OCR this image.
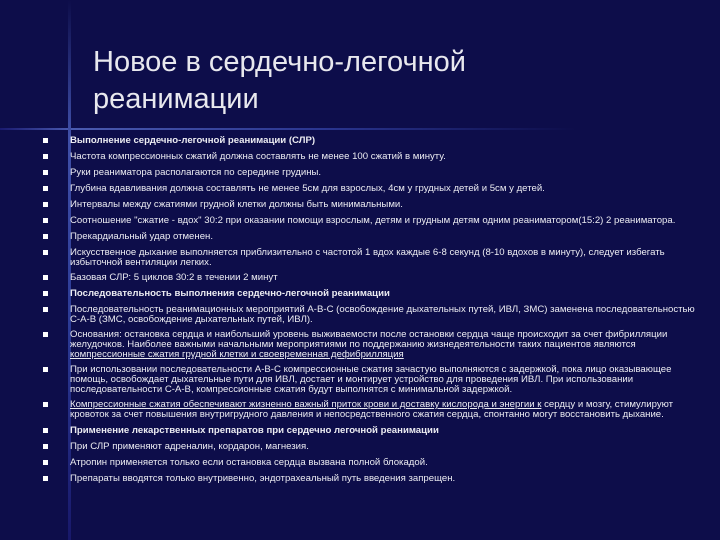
Новое в сердечно-легочной
реанимации
Выполнение сердечно-легочной реанимации (СЛР)
Частота компрессионных сжатий должна составлять не менее 100 сжатий в минуту.
Руки реаниматора располагаются по середине грудины.
Глубина вдавливания должна составлять не менее 5см для взрослых, 4см у грудных детей и 5см у детей.
Интервалы между сжатиями грудной клетки должны быть минимальными.
Соотношение "сжатие - вдох" 30:2 при оказании помощи взрослым, детям и грудным детям одним реаниматором(15:2) 2 реаниматора.
Прекардиальный удар отменен.
Искусственное дыхание выполняется приблизительно с частотой 1 вдох каждые 6-8 секунд (8-10 вдохов в минуту), следует избегать избыточной вентиляции легких.
Базовая СЛР: 5 циклов 30:2 в течении 2 минут
Последовательность выполнения сердечно-легочной реанимации
Последовательность реанимационных мероприятий А-В-С (освобождение дыхательных путей, ИВЛ, ЗМС) заменена последовательностью С-А-В (ЗМС, освобождение дыхательных путей, ИВЛ).
Основания: остановка сердца и наибольший уровень выживаемости после остановки сердца чаще происходит за счет фибрилляции желудочков. Наиболее важными начальными мероприятиями по поддержанию жизнедеятельности таких пациентов являются компрессионные сжатия грудной клетки и своевременная дефибрилляция
При использовании последовательности А-В-С компрессионные сжатия зачастую выполняются с задержкой, пока лицо оказывающее помощь, освобождает дыхательные пути для ИВЛ, достает и монтирует устройство для проведения ИВЛ. При использовании последовательности С-А-В, компрессионные сжатия будут выполнятся с минимальной задержкой.
Компрессионные сжатия обеспечивают жизненно важный приток крови и доставку кислорода и энергии к сердцу и мозгу, стимулируют кровоток за счет повышения внутригрудного давления и непосредственного сжатия сердца, спонтанно могут восстановить дыхание.
Применение лекарственных препаратов при сердечно легочной реанимации
При СЛР применяют адреналин, кордарон, магнезия.
Атропин применяется только если остановка сердца вызвана полной блокадой.
Препараты вводятся только внутривенно, эндотрахеальный путь введения запрещен.
